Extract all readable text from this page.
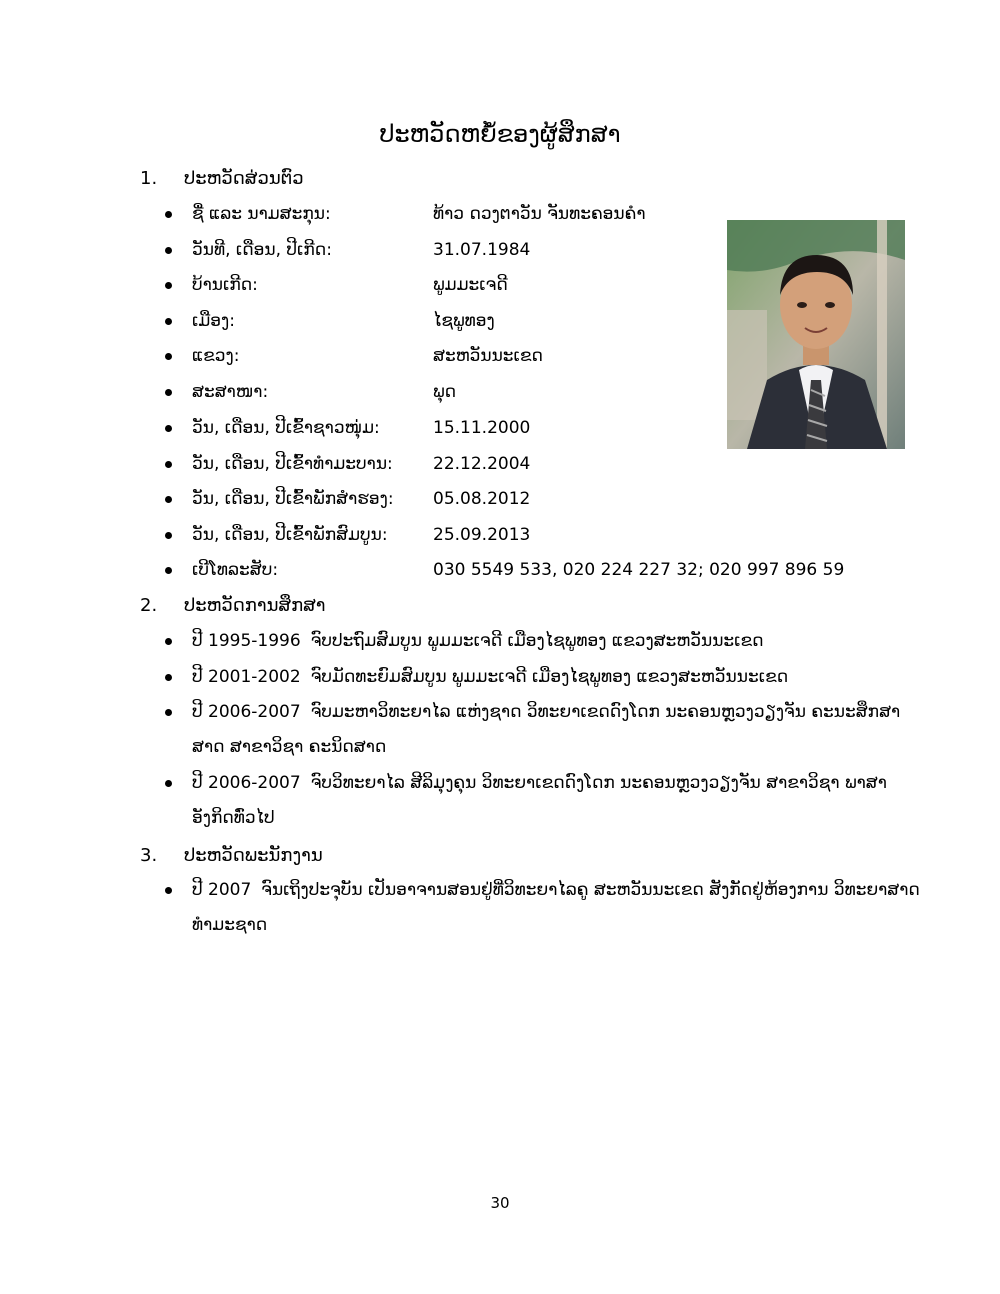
ປະຫວັດຫຍໍ້ຂອງຜູ້ສຶກສາ
1. ປະຫວັດສ່ວນຕົວ
ຊື່ ແລະ ນາມສະກຸນ:	ທ້າວ ດວງຕາວັນ ຈັນທະຄອນຄຳ
ວັນທີ, ເດືອນ, ປີເກີດ:	31.07.1984
ບ້ານເກີດ:	ພູມມະເຈດີ
ເມືອງ:	ໄຊພູທອງ
ແຂວງ:	ສະຫວັນນະເຂດ
ສະສາໜາ:	ພຸດ
ວັນ, ເດືອນ, ປີເຂົ້າຊາວໜຸ່ມ:	15.11.2000
ວັນ, ເດືອນ, ປີເຂົ້າທຳມະບານ: 22.12.2004
ວັນ, ເດືອນ, ປີເຂົ້າພັກສຳຮອງ: 05.08.2012
ວັນ, ເດືອນ, ປີເຂົ້າພັກສົມບູນ:	25.09.2013
ເບີໂທລະສັບ:	030 5549 533, 020 224 227 32; 020 997 896 59
2. ປະຫວັດການສຶກສາ
ປີ 1995-1996 ຈົບປະຖົມສົມບູນ ພູມມະເຈດີ ເມືອງໄຊພູທອງ ແຂວງສະຫວັນນະເຂດ
ປີ 2001-2002 ຈົບມັດທະຍົມສົມບູນ ພູມມະເຈດີ ເມືອງໄຊພູທອງ ແຂວງສະຫວັນນະເຂດ
ປີ 2006-2007 ຈົບມະຫາວິທະຍາໄລ ແຫ່ງຊາດ ວິທະຍາເຂດດົງໂດກ ນະຄອນຫຼວງວຽງຈັນ ຄະນະສຶກສາສາດ ສາຂາວິຊາ ຄະນິດສາດ
ປີ 2006-2007 ຈົບວິທະຍາໄລ ສີລິມຸງຄຸນ ວິທະຍາເຂດດົງໂດກ ນະຄອນຫຼວງວຽງຈັນ ສາຂາວິຊາ ພາສາອັງກິດທົ່ວໄປ
3. ປະຫວັດພະນັກງານ
ປີ 2007 ຈົນເຖິງປະຈຸບັນ ເປັນອາຈານສອນຢູ່ທີ່ວິທະຍາໄລຄູ ສະຫວັນນະເຂດ ສັງກັດຢູ່ຫ້ອງການ ວິທະຍາສາດ ທຳມະຊາດ
30
